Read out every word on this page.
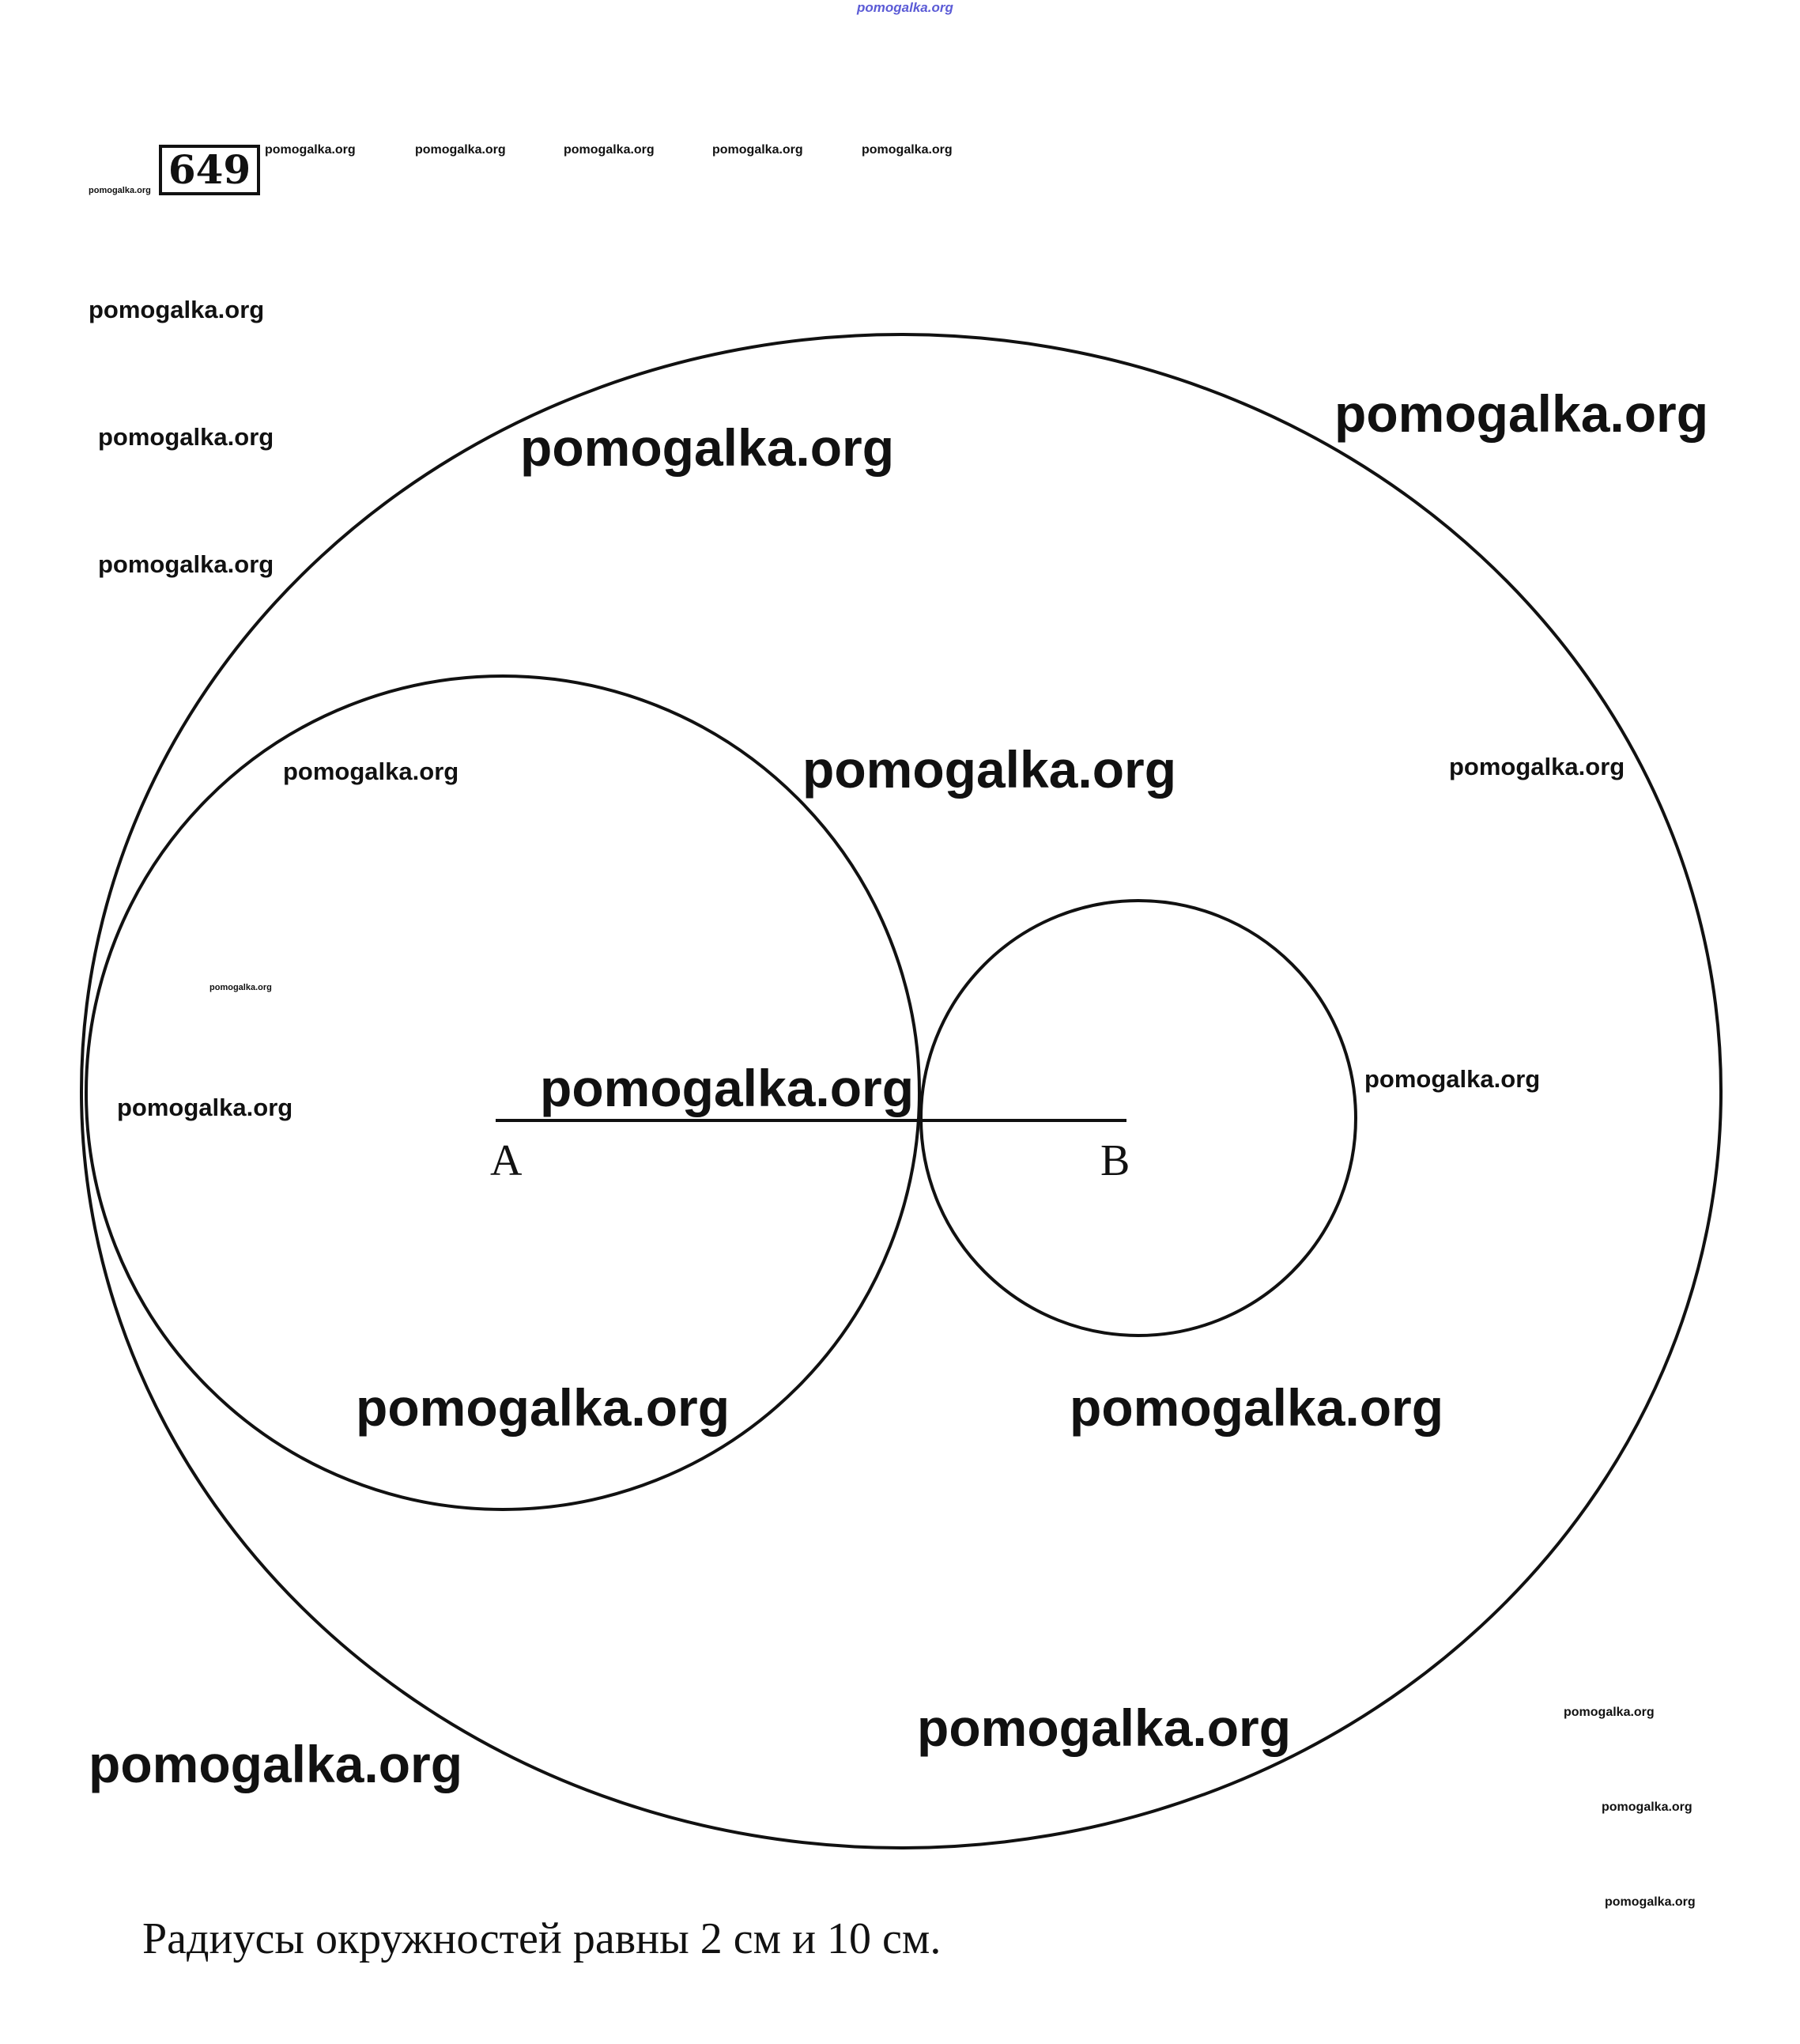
649
A	B
Радиусы окружностей равны 2 см и 10 см.
pomogalka.org
pomogalka.org	pomogalka.org	pomogalka.org	pomogalka.org	pomogalka.org
pomogalka.org
pomogalka.org
pomogalka.org
pomogalka.org
pomogalka.org
pomogalka.org
pomogalka.org	pomogalka.org	pomogalka.org
pomogalka.org
pomogalka.org	pomogalka.org	pomogalka.org
pomogalka.org	pomogalka.org
pomogalka.org
pomogalka.org
pomogalka.org
pomogalka.org
pomogalka.org
